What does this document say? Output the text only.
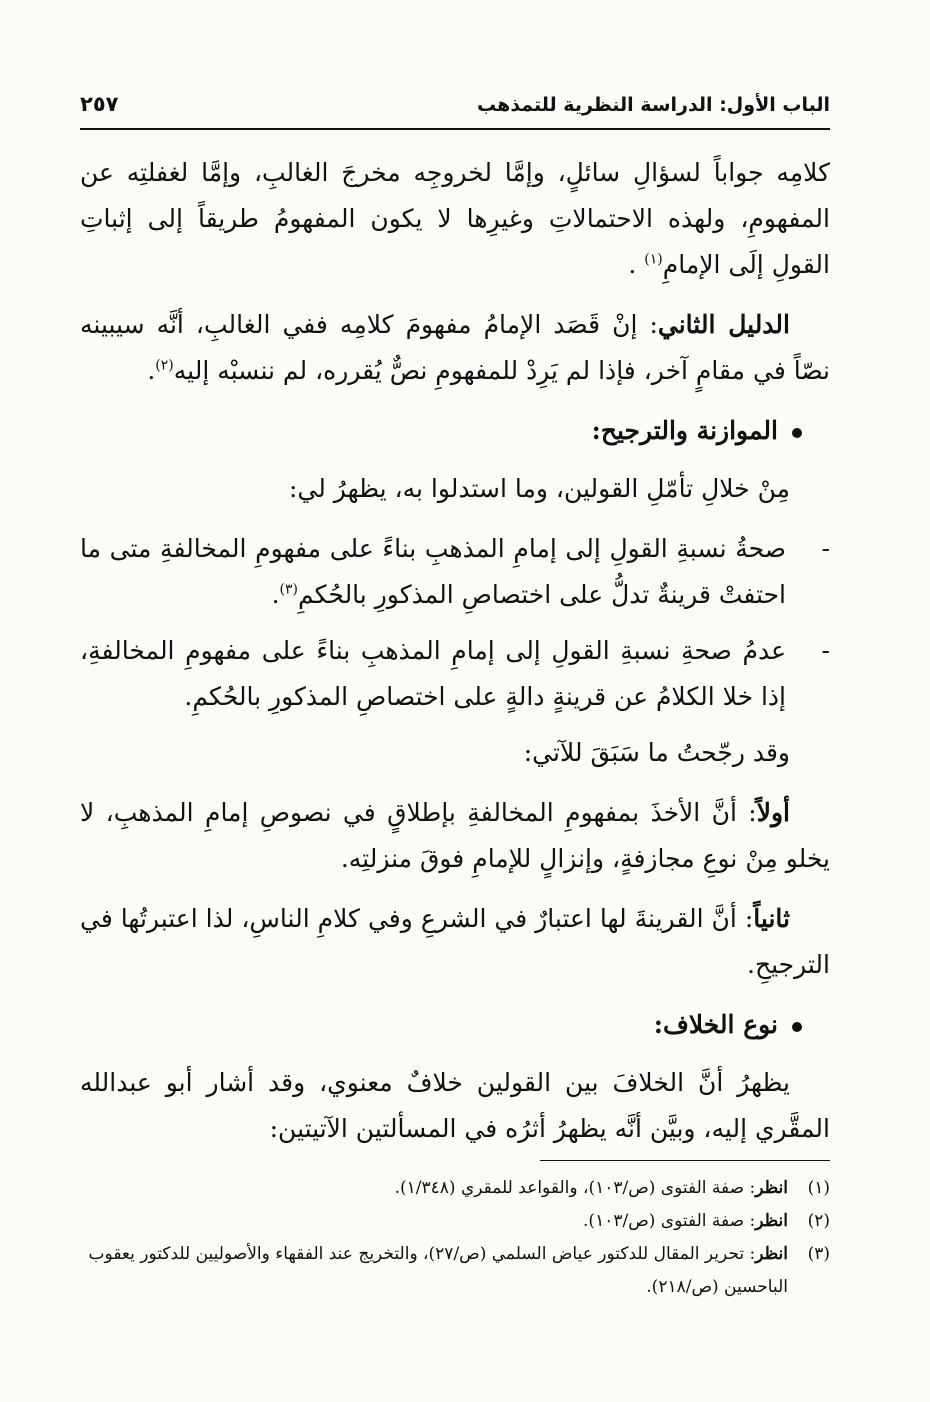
الباب الأول: الدراسة النظرية للتمذهب
٢٥٧

كلامِه جواباً لسؤالِ سائلٍ، وإمَّا لخروجِه مخرجَ الغالبِ، وإمَّا لغفلتِه عن المفهومِ، ولهذه الاحتمالاتِ وغيرِها لا يكون المفهومُ طريقاً إلى إثباتِ القولِ إلَى الإمامِ$^{(١)}$ .

الدليل الثاني: إنْ قَصَد الإمامُ مفهومَ كلامِه ففي الغالبِ، أنَّه سيبينه نصّاً في مقامٍ آخر، فإذا لم يَرِدْ للمفهومِ نصٌّ يُقرره، لم ننسبْه إليه$^{(٢)}$.

الموازنة والترجيح:

مِنْ خلالِ تأمّلِ القولين، وما استدلوا به، يظهرُ لي:

-
صحةُ نسبةِ القولِ إلى إمامِ المذهبِ بناءً على مفهومِ المخالفةِ متى ما احتفتْ قرينةٌ تدلُّ على اختصاصِ المذكورِ بالحُكمِ$^{(٣)}$.
-
عدمُ صحةِ نسبةِ القولِ إلى إمامِ المذهبِ بناءً على مفهومِ المخالفةِ، إذا خلا الكلامُ عن قرينةٍ دالةٍ على اختصاصِ المذكورِ بالحُكمِ.

وقد رجّحتُ ما سَبَقَ للآتي:

أولاً: أنَّ الأخذَ بمفهومِ المخالفةِ بإطلاقٍ في نصوصِ إمامِ المذهبِ، لا يخلو مِنْ نوعِ مجازفةٍ، وإنزالٍ للإمامِ فوقَ منزلتِه.

ثانياً: أنَّ القرينةَ لها اعتبارٌ في الشرعِ وفي كلامِ الناسِ، لذا اعتبرتُها في الترجيحِ.

نوع الخلاف:

يظهرُ أنَّ الخلافَ بين القولين خلافٌ معنوي، وقد أشار أبو عبدالله المقَّري إليه، وبيَّن أنَّه يظهرُ أثرُه في المسألتين الآتيتين:

(١)
انظر: صفة الفتوى (ص/١٠٣)، والقواعد للمقري (١/٣٤٨).
(٢)
انظر: صفة الفتوى (ص/١٠٣).
(٣)
انظر: تحرير المقال للدكتور عياض السلمي (ص/٢٧)، والتخريج عند الفقهاء والأصوليين للدكتور يعقوب الباحسين (ص/٢١٨).
